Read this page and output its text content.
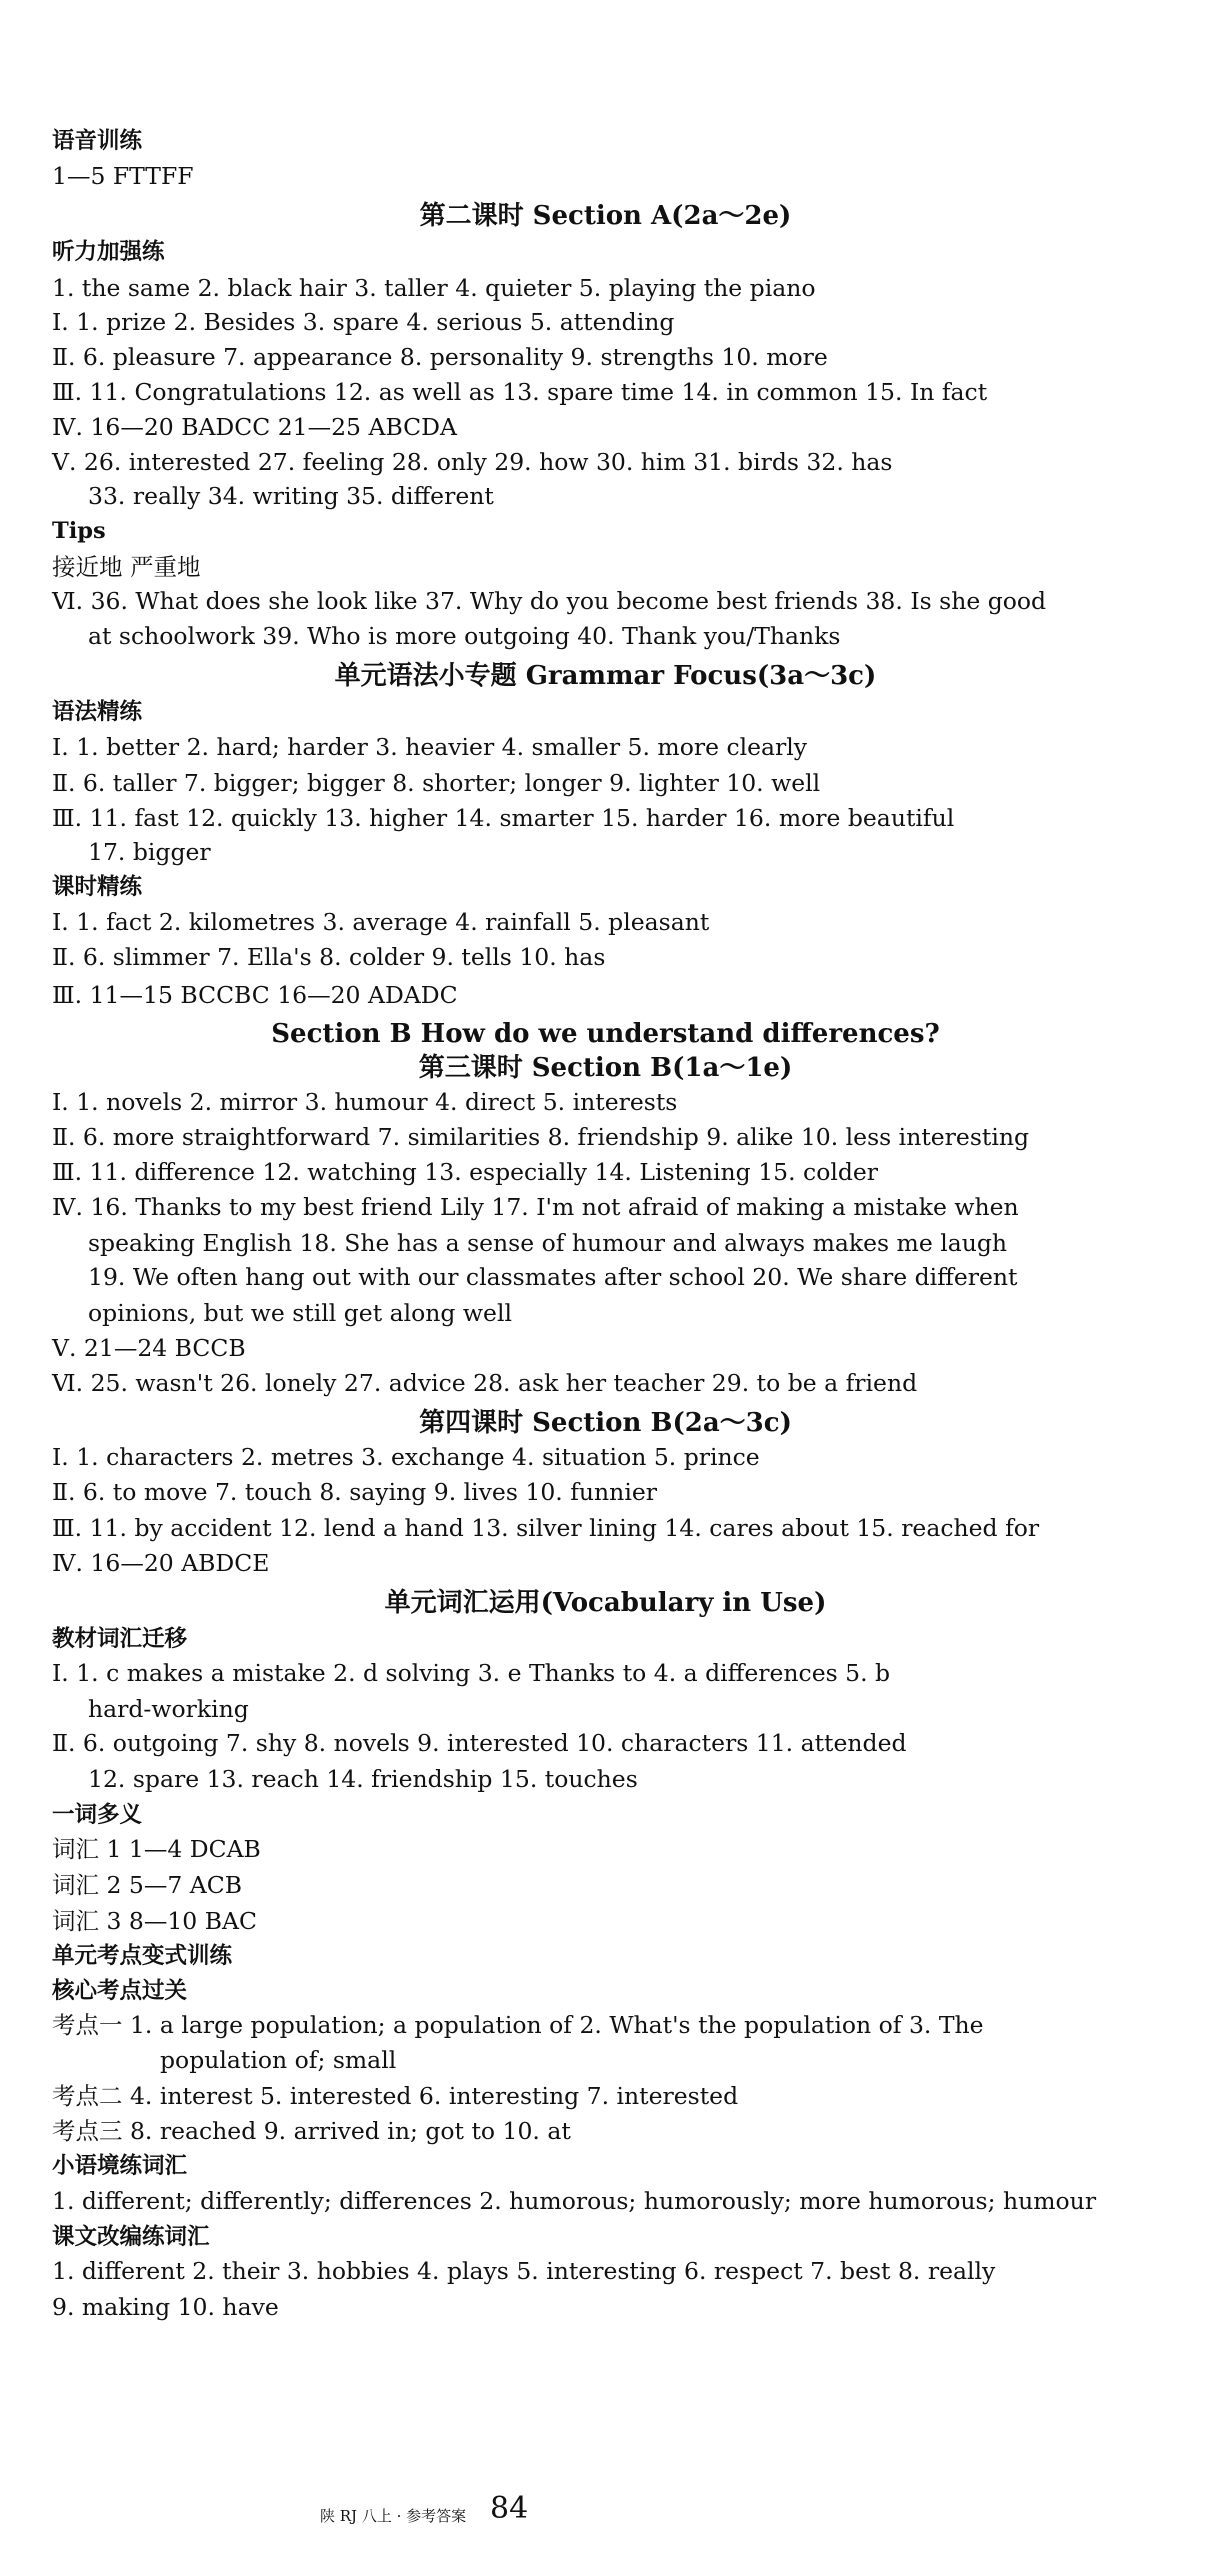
语音训练
1—5 FTTFF
第二课时 Section A(2a～2e)
听力加强练
1. the same 2. black hair 3. taller 4. quieter 5. playing the piano
Ⅰ. 1. prize 2. Besides 3. spare 4. serious 5. attending
Ⅱ. 6. pleasure 7. appearance 8. personality 9. strengths 10. more
Ⅲ. 11. Congratulations 12. as well as 13. spare time 14. in common 15. In fact
Ⅳ. 16—20 BADCC 21—25 ABCDA
Ⅴ. 26. interested 27. feeling 28. only 29. how 30. him 31. birds 32. has
33. really 34. writing 35. different
Tips
接近地 严重地
Ⅵ. 36. What does she look like 37. Why do you become best friends 38. Is she good
at schoolwork 39. Who is more outgoing 40. Thank you/Thanks
单元语法小专题 Grammar Focus(3a～3c)
语法精练
Ⅰ. 1. better 2. hard; harder 3. heavier 4. smaller 5. more clearly
Ⅱ. 6. taller 7. bigger; bigger 8. shorter; longer 9. lighter 10. well
Ⅲ. 11. fast 12. quickly 13. higher 14. smarter 15. harder 16. more beautiful
17. bigger
课时精练
Ⅰ. 1. fact 2. kilometres 3. average 4. rainfall 5. pleasant
Ⅱ. 6. slimmer 7. Ella's 8. colder 9. tells 10. has
Ⅲ. 11—15 BCCBC 16—20 ADADC
Section B How do we understand differences?
第三课时 Section B(1a～1e)
Ⅰ. 1. novels 2. mirror 3. humour 4. direct 5. interests
Ⅱ. 6. more straightforward 7. similarities 8. friendship 9. alike 10. less interesting
Ⅲ. 11. difference 12. watching 13. especially 14. Listening 15. colder
Ⅳ. 16. Thanks to my best friend Lily 17. I'm not afraid of making a mistake when
speaking English 18. She has a sense of humour and always makes me laugh
19. We often hang out with our classmates after school 20. We share different
opinions, but we still get along well
Ⅴ. 21—24 BCCB
Ⅵ. 25. wasn't 26. lonely 27. advice 28. ask her teacher 29. to be a friend
第四课时 Section B(2a～3c)
Ⅰ. 1. characters 2. metres 3. exchange 4. situation 5. prince
Ⅱ. 6. to move 7. touch 8. saying 9. lives 10. funnier
Ⅲ. 11. by accident 12. lend a hand 13. silver lining 14. cares about 15. reached for
Ⅳ. 16—20 ABDCE
单元词汇运用(Vocabulary in Use)
教材词汇迁移
Ⅰ. 1. c makes a mistake 2. d solving 3. e Thanks to 4. a differences 5. b
hard-working
Ⅱ. 6. outgoing 7. shy 8. novels 9. interested 10. characters 11. attended
12. spare 13. reach 14. friendship 15. touches
一词多义
词汇 1 1—4 DCAB
词汇 2 5—7 ACB
词汇 3 8—10 BAC
单元考点变式训练
核心考点过关
考点一 1. a large population; a population of 2. What's the population of 3. The
population of; small
考点二 4. interest 5. interested 6. interesting 7. interested
考点三 8. reached 9. arrived in; got to 10. at
小语境练词汇
1. different; differently; differences 2. humorous; humorously; more humorous; humour
课文改编练词汇
1. different 2. their 3. hobbies 4. plays 5. interesting 6. respect 7. best 8. really
9. making 10. have
陕 RJ 八上 · 参考答案 84
